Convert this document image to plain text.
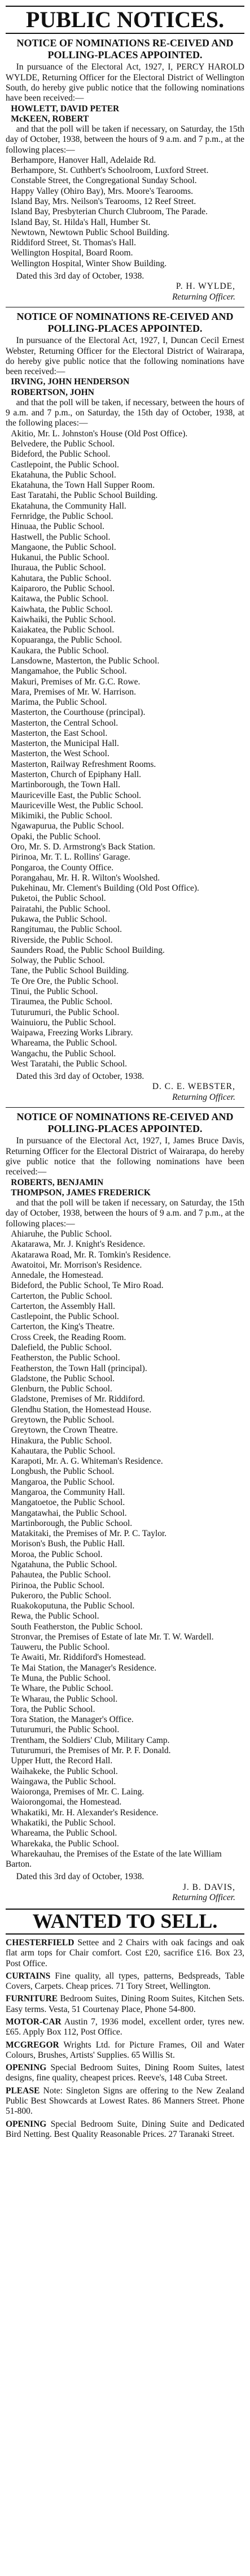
PUBLIC NOTICES.
NOTICE OF NOMINATIONS RE-CEIVED AND POLLING-PLACES APPOINTED.

In pursuance of the Electoral Act, 1927, I, PERCY HAROLD WYLDE, Returning Officer for the Electoral District of Wellington South, do hereby give public notice that the following nominations have been received:—

HOWLETT, DAVID PETER

McKEEN, ROBERT

and that the poll will be taken if necessary, on Saturday, the 15th day of October, 1938, between the hours of 9 a.m. and 7 p.m., at the following places:—

Berhampore, Hanover Hall, Adelaide Rd.

Berhampore, St. Cuthbert's Schoolroom, Luxford Street.

Constable Street, the Congregational Sunday School.

Happy Valley (Ohiro Bay), Mrs. Moore's Tearooms.

Island Bay, Mrs. Neilson's Tearooms, 12 Reef Street.

Island Bay, Presbyterian Church Clubroom, The Parade.

Island Bay, St. Hilda's Hall, Humber St.

Newtown, Newtown Public School Building.

Riddiford Street, St. Thomas's Hall.

Wellington Hospital, Board Room.

Wellington Hospital, Winter Show Building.

Dated this 3rd day of October, 1938.

P. H. WYLDE,

Returning Officer.

NOTICE OF NOMINATIONS RE-CEIVED AND POLLING-PLACES APPOINTED.

In pursuance of the Electoral Act, 1927, I, Duncan Cecil Ernest Webster, Returning Officer for the Electoral District of Wairarapa, do hereby give public notice that the following nominations have been received:—

IRVING, JOHN HENDERSON

ROBERTSON, JOHN

and that the poll will be taken, if necessary, between the hours of 9 a.m. and 7 p.m., on Saturday, the 15th day of October, 1938, at the following places:—

Akitio, Mr. L. Johnston's House (Old Post Office).

Belvedere, the Public School.

Bideford, the Public School.

Castlepoint, the Public School.

Ekatahuna, the Public School.

Ekatahuna, the Town Hall Supper Room.

East Taratahi, the Public School Building.

Ekatahuna, the Community Hall.

Fernridge, the Public School.

Hinuaa, the Public School.

Hastwell, the Public School.

Mangaone, the Public School.

Hukanui, the Public School.

Ihuraua, the Public School.

Kahutara, the Public School.

Kaiparoro, the Public School.

Kaitawa, the Public School.

Kaiwhata, the Public School.

Kaiwhaiki, the Public School.

Kaiakatea, the Public School.

Kopuaranga, the Public School.

Kaukara, the Public School.

Lansdowne, Masterton, the Public School.

Mangamahoe, the Public School.

Makuri, Premises of Mr. G.C. Rowe.

Mara, Premises of Mr. W. Harrison.

Marima, the Public School.

Masterton, the Courthouse (principal).

Masterton, the Central School.

Masterton, the East School.

Masterton, the Municipal Hall.

Masterton, the West School.

Masterton, Railway Refreshment Rooms.

Masterton, Church of Epiphany Hall.

Martinborough, the Town Hall.

Mauriceville East, the Public School.

Mauriceville West, the Public School.

Mikimiki, the Public School.

Ngawapurua, the Public School.

Opaki, the Public School.

Oro, Mr. S. D. Armstrong's Back Station.

Pirinoa, Mr. T. L. Rollins' Garage.

Pongaroa, the County Office.

Porangahau, Mr. H. R. Wilton's Woolshed.

Pukehinau, Mr. Clement's Building (Old Post Office).

Puketoi, the Public School.

Pairatahi, the Public School.

Pukawa, the Public School.

Rangitumau, the Public School.

Riverside, the Public School.

Saunders Road, the Public School Building.

Solway, the Public School.

Tane, the Public School Building.

Te Ore Ore, the Public School.

Tinui, the Public School.

Tiraumea, the Public School.

Tuturumuri, the Public School.

Wainuioru, the Public School.

Waipawa, Freezing Works Library.

Whareama, the Public School.

Wangachu, the Public School.

West Taratahi, the Public School.

Dated this 3rd day of October, 1938.

D. C. E. WEBSTER,

Returning Officer.

NOTICE OF NOMINATIONS RE-CEIVED AND POLLING-PLACES APPOINTED.

In pursuance of the Electoral Act, 1927, I, James Bruce Davis, Returning Officer for the Electoral District of Wairarapa, do hereby give public notice that the following nominations have been received:—

ROBERTS, BENJAMIN

THOMPSON, JAMES FREDERICK

and that the poll will be taken if necessary, on Saturday, the 15th day of October, 1938, between the hours of 9 a.m. and 7 p.m., at the following places:—

Ahiaruhe, the Public School.

Akatarawa, Mr. J. Knight's Residence.

Akatarawa Road, Mr. R. Tomkin's Residence.

Awatoitoi, Mr. Morrison's Residence.

Annedale, the Homestead.

Bideford, the Public School, Te Miro Road.

Carterton, the Public School.

Carterton, the Assembly Hall.

Castlepoint, the Public School.

Carterton, the King's Theatre.

Cross Creek, the Reading Room.

Dalefield, the Public School.

Featherston, the Public School.

Featherston, the Town Hall (principal).

Gladstone, the Public School.

Glenburn, the Public School.

Gladstone, Premises of Mr. Riddiford.

Glendhu Station, the Homestead House.

Greytown, the Public School.

Greytown, the Crown Theatre.

Hinakura, the Public School.

Kahautara, the Public School.

Karapoti, Mr. A. G. Whiteman's Residence.

Longbush, the Public School.

Mangaroa, the Public School.

Mangaroa, the Community Hall.

Mangatoetoe, the Public School.

Mangatawhai, the Public School.

Martinborough, the Public School.

Matakitaki, the Premises of Mr. P. C. Taylor.

Morison's Bush, the Public Hall.

Moroa, the Public School.

Ngatahuna, the Public School.

Pahautea, the Public School.

Pirinoa, the Public School.

Pukeroro, the Public School.

Ruakokoputuna, the Public School.

Rewa, the Public School.

South Featherston, the Public School.

Stronvar, the Premises of Estate of late Mr. T. W. Wardell.

Tauweru, the Public School.

Te Awaiti, Mr. Riddiford's Homestead.

Te Mai Station, the Manager's Residence.

Te Muna, the Public School.

Te Whare, the Public School.

Te Wharau, the Public School.

Tora, the Public School.

Tora Station, the Manager's Office.

Tuturumuri, the Public School.

Trentham, the Soldiers' Club, Military Camp.

Tuturumuri, the Premises of Mr. P. F. Donald.

Upper Hutt, the Record Hall.

Waihakeke, the Public School.

Waingawa, the Public School.

Waioronga, Premises of Mr. C. Laing.

Waiorongomai, the Homestead.

Whakatiki, Mr. H. Alexander's Residence.

Whakatiki, the Public School.

Whareama, the Public School.

Wharekaka, the Public School.

Wharekauhau, the Premises of the Estate of the late William Barton.

Dated this 3rd day of October, 1938.

J. B. DAVIS,

Returning Officer.

WANTED TO SELL.

CHESTERFIELD Settee and 2 Chairs with oak facings and oak flat arm tops for Chair comfort. Cost £20, sacrifice £16. Box 23, Post Office.

CURTAINS Fine quality, all types, patterns, Bedspreads, Table Covers, Carpets. Cheap prices. 71 Tory Street, Wellington.

FURNITURE Bedroom Suites, Dining Room Suites, Kitchen Sets. Easy terms. Vesta, 51 Courtenay Place, Phone 54-800.

MOTOR-CAR Austin 7, 1936 model, excellent order, tyres new. £65. Apply Box 112, Post Office.

MCGREGOR Wrights Ltd. for Picture Frames, Oil and Water Colours, Brushes, Artists' Supplies. 65 Willis St.

OPENING Special Bedroom Suites, Dining Room Suites, latest designs, fine quality, cheapest prices. Reeve's, 148 Cuba Street.

PLEASE Note: Singleton Signs are offering to the New Zealand Public Best Showcards at Lowest Rates. 86 Manners Street. Phone 51-800.

OPENING Special Bedroom Suite, Dining Suite and Dedicated Bird Netting. Best Quality Reasonable Prices. 27 Taranaki Street.
